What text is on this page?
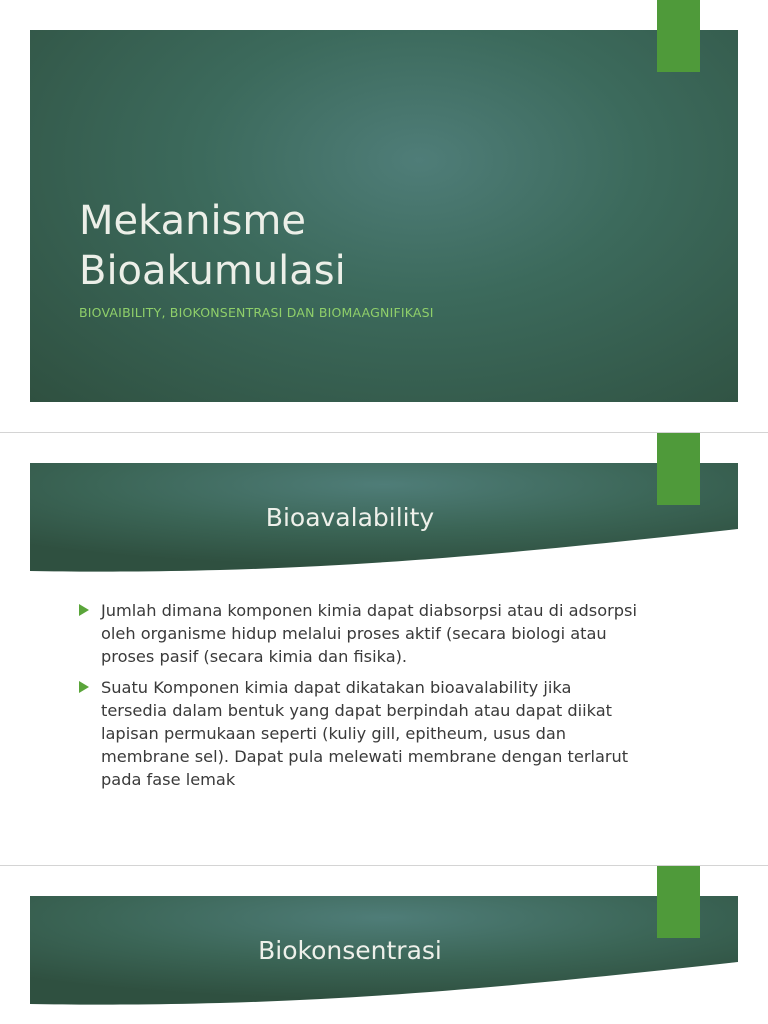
Mekanisme Bioakumulasi
BIOVAIBILITY, BIOKONSENTRASI DAN BIOMAAGNIFIKASI
Bioavalability
Jumlah dimana komponen kimia dapat diabsorpsi atau di adsorpsi oleh organisme hidup melalui proses aktif (secara biologi atau proses pasif (secara kimia dan fisika).
Suatu Komponen kimia dapat dikatakan bioavalability jika tersedia dalam bentuk yang dapat berpindah atau dapat diikat lapisan permukaan seperti (kuliy gill, epitheum, usus dan membrane sel). Dapat pula melewati membrane dengan terlarut pada fase lemak
Biokonsentrasi
